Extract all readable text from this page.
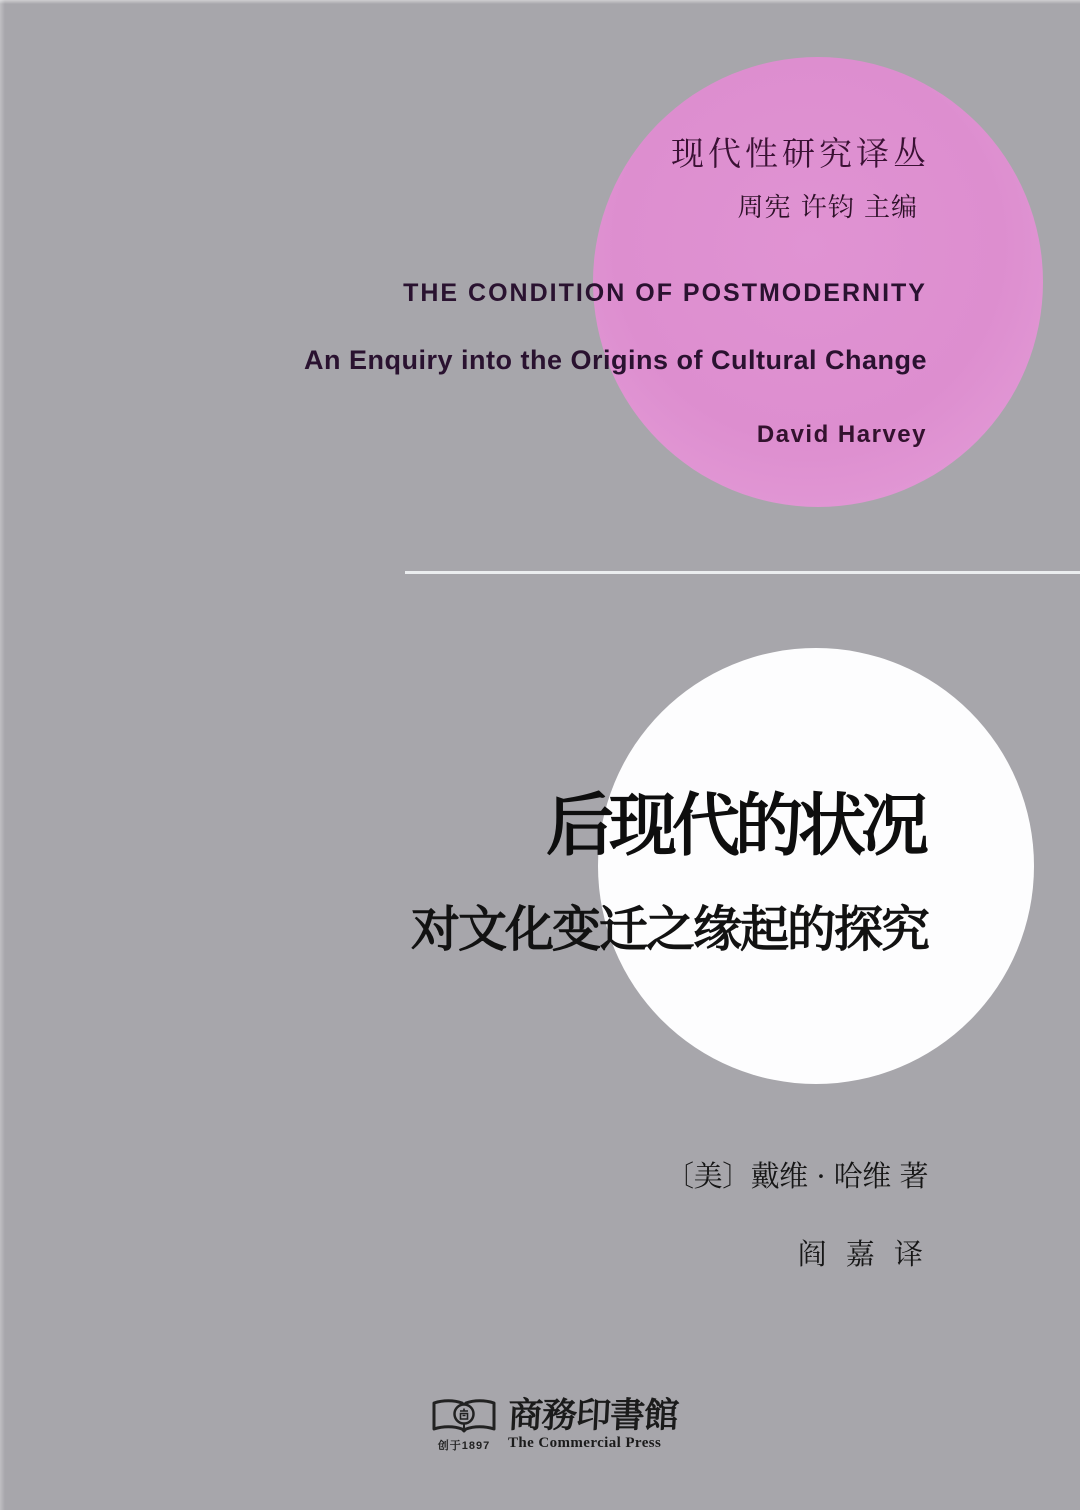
现代性研究译丛
周宪 许钧 主编
THE CONDITION OF POSTMODERNITY
An Enquiry into the Origins of Cultural Change
David Harvey
后现代的状况
对文化变迁之缘起的探究
〔美〕戴维 · 哈维 著
阎 嘉 译
创于1897
商務印書館
The Commercial Press
